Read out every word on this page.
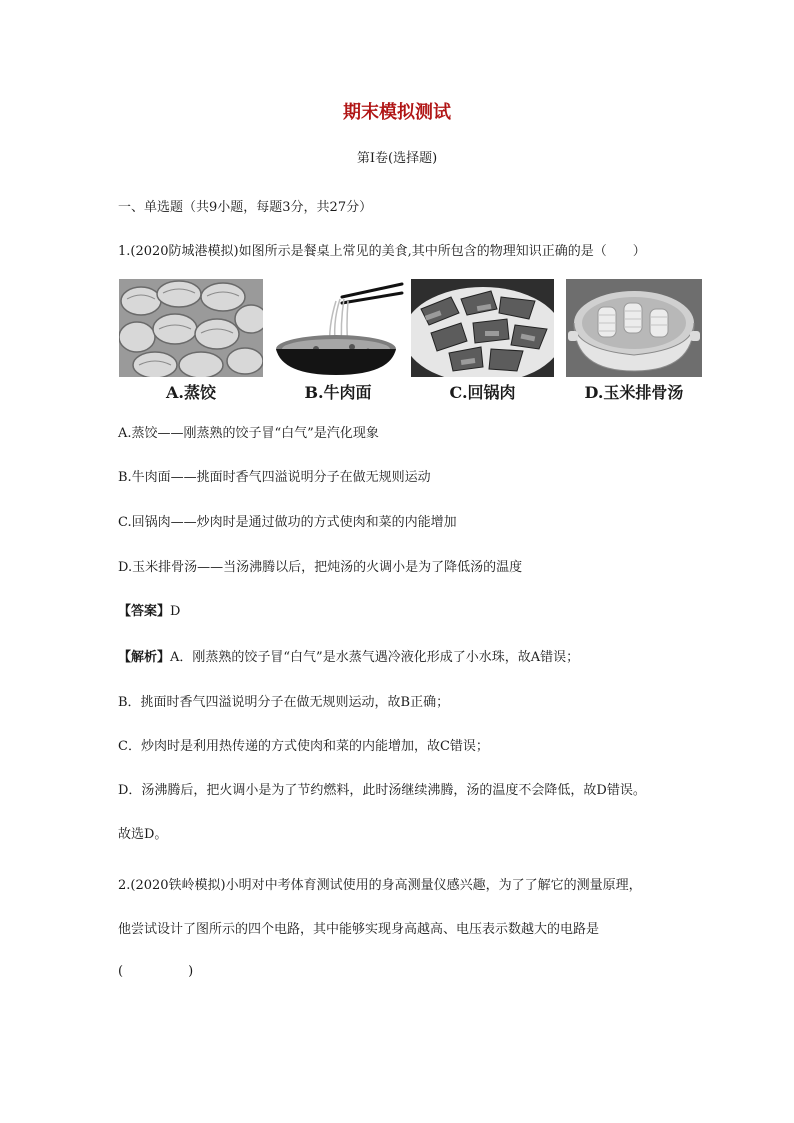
期末模拟测试
第Ⅰ卷(选择题)
一、单选题（共9小题，每题3分，共27分）
1.(2020防城港模拟)如图所示是餐桌上常见的美食,其中所包含的物理知识正确的是（　　）
A.蒸饺	B.牛肉面	C.回锅肉	D.玉米排骨汤
A.蒸饺——刚蒸熟的饺子冒“白气”是汽化现象
B.牛肉面——挑面时香气四溢说明分子在做无规则运动
C.回锅肉——炒肉时是通过做功的方式使肉和菜的内能增加
D.玉米排骨汤——当汤沸腾以后，把炖汤的火调小是为了降低汤的温度
【答案】D
【解析】A．刚蒸熟的饺子冒“白气”是水蒸气遇冷液化形成了小水珠，故A错误；
B．挑面时香气四溢说明分子在做无规则运动，故B正确；
C．炒肉时是利用热传递的方式使肉和菜的内能增加，故C错误；
D．汤沸腾后，把火调小是为了节约燃料，此时汤继续沸腾，汤的温度不会降低，故D错误。
故选D。
2.(2020铁岭模拟)小明对中考体育测试使用的身高测量仪感兴趣，为了了解它的测量原理，
他尝试设计了图所示的四个电路，其中能够实现身高越高、电压表示数越大的电路是
(　　　　　)
